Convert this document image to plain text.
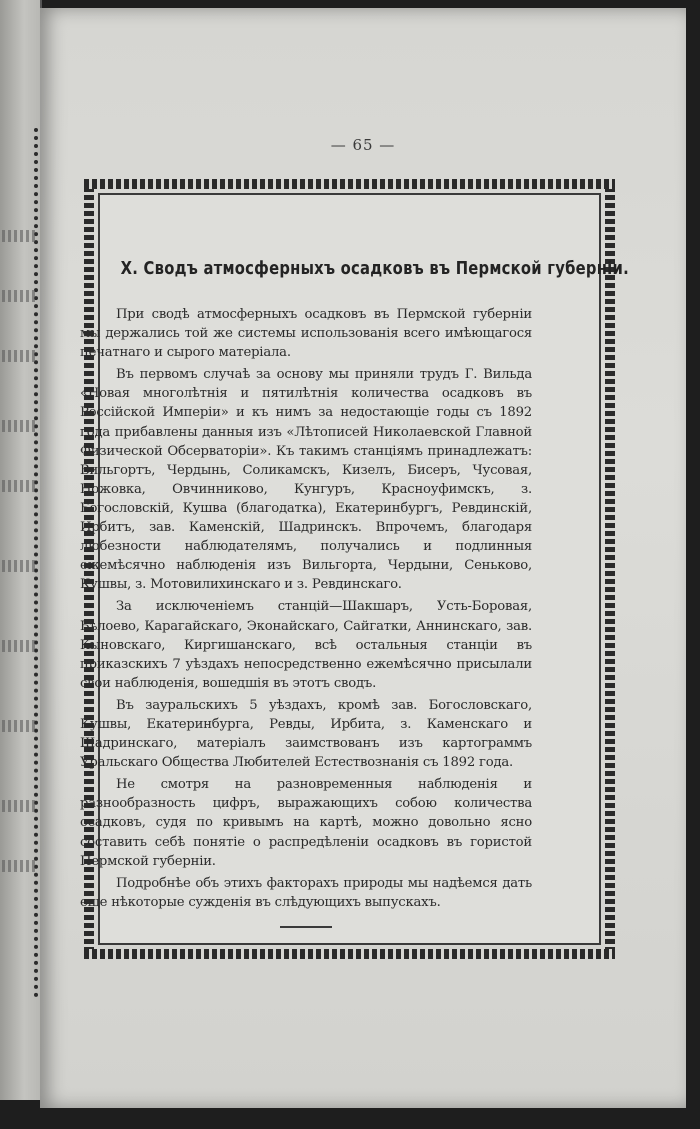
— 65 —
X. Сводъ атмосферныхъ осадковъ въ Пермской губерніи.

При сводѣ атмосферныхъ осадковъ въ Пермской губерніи мы держались той же системы использованія всего имѣющагося печатнаго и сырого матеріала.

Въ первомъ случаѣ за основу мы приняли трудъ Г. Вильда «Новая многолѣтнія и пятилѣтнія количества осадковъ въ Россійской Имперіи» и къ нимъ за недостающіе годы съ 1892 года прибавлены данныя изъ «Лѣтописей Николаевской Главной Физической Обсерваторіи». Къ такимъ станціямъ принадлежатъ: Вильгортъ, Чердынь, Соликамскъ, Кизелъ, Бисеръ, Чусовая, Ножовка, Овчинниково, Кунгуръ, Красноуфимскъ, з. Богословскій, Кушва (благодатка), Екатеринбургъ, Ревдинскій, Ирбитъ, зав. Каменскій, Шадринскъ. Впрочемъ, благодаря любезности наблюдателямъ, получались и подлинныя ежемѣсячно наблюденія изъ Вильгорта, Чердыни, Сеньково, Кушвы, з. Мотовилихинскаго и з. Ревдинскаго.

За исключеніемъ станцій—Шакшаръ, Усть-Боровая, Бѣлоево, Карагайскаго, Эконайскаго, Сайгатки, Аннинскаго, зав. Кыновскаго, Киргишанскаго, всѣ остальныя станціи въ приказскихъ 7 уѣздахъ непосредственно ежемѣсячно присылали свои наблюденія, вошедшія въ этотъ сводъ.

Въ зауральскихъ 5 уѣздахъ, кромѣ зав. Богословскаго, Кушвы, Екатеринбурга, Ревды, Ирбита, з. Каменскаго и Шадринскаго, матеріалъ заимствованъ изъ картограммъ Уральскаго Общества Любителей Естествознанія съ 1892 года.

Не смотря на разновременныя наблюденія и разнообразность цифръ, выражающихъ собою количества осадковъ, судя по кривымъ на картѣ, можно довольно ясно составить себѣ понятіе о распредѣленіи осадковъ въ гористой Пермской губерніи.

Подробнѣе объ этихъ факторахъ природы мы надѣемся дать еще нѣкоторые сужденія въ слѣдующихъ выпускахъ.
